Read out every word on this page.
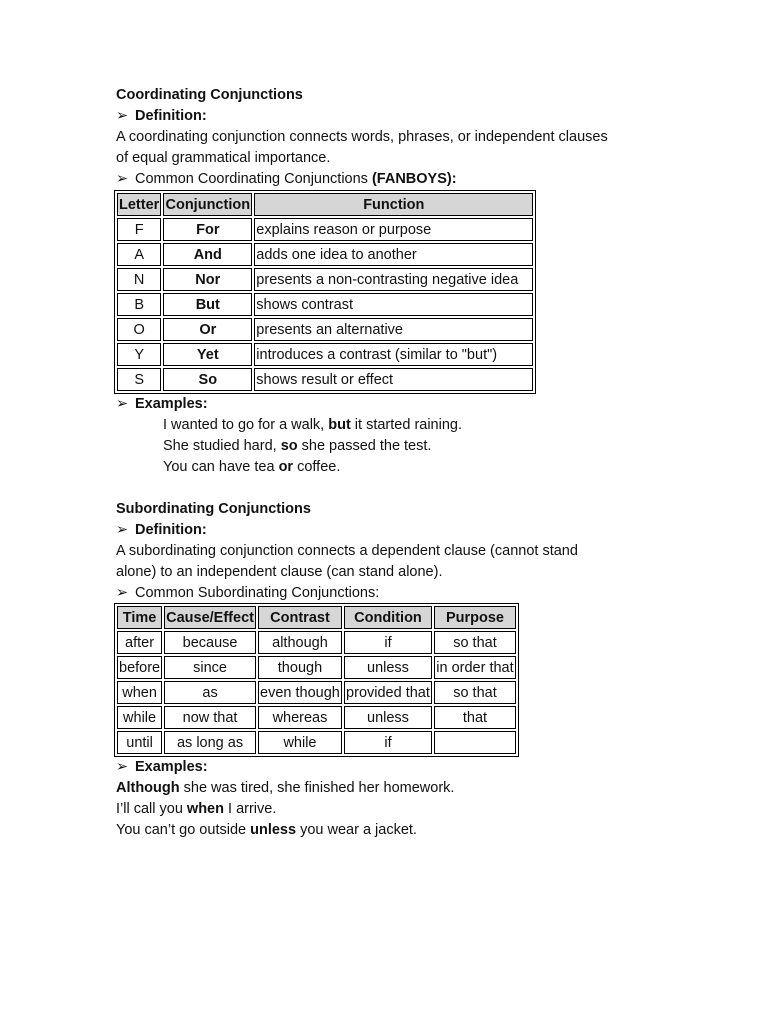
Coordinating Conjunctions
➢ Definition:
A coordinating conjunction connects words, phrases, or independent clauses
of equal grammatical importance.
➢ Common Coordinating Conjunctions (FANBOYS):
Letter	Conjunction	Function
F	For	explains reason or purpose
A	And	adds one idea to another
N	Nor	presents a non-contrasting negative idea
B	But	shows contrast
O	Or	presents an alternative
Y	Yet	introduces a contrast (similar to "but")
S	So	shows result or effect
➢ Examples:
I wanted to go for a walk, but it started raining.
She studied hard, so she passed the test.
You can have tea or coffee.
Subordinating Conjunctions
➢ Definition:
A subordinating conjunction connects a dependent clause (cannot stand
alone) to an independent clause (can stand alone).
➢ Common Subordinating Conjunctions:
Time	Cause/Effect	Contrast	Condition	Purpose
after	because	although	if	so that
before	since	though	unless	in order that
when	as	even though	provided that	so that
while	now that	whereas	unless	that
until	as long as	while	if	
➢ Examples:
Although she was tired, she finished her homework.
I’ll call you when I arrive.
You can’t go outside unless you wear a jacket.
